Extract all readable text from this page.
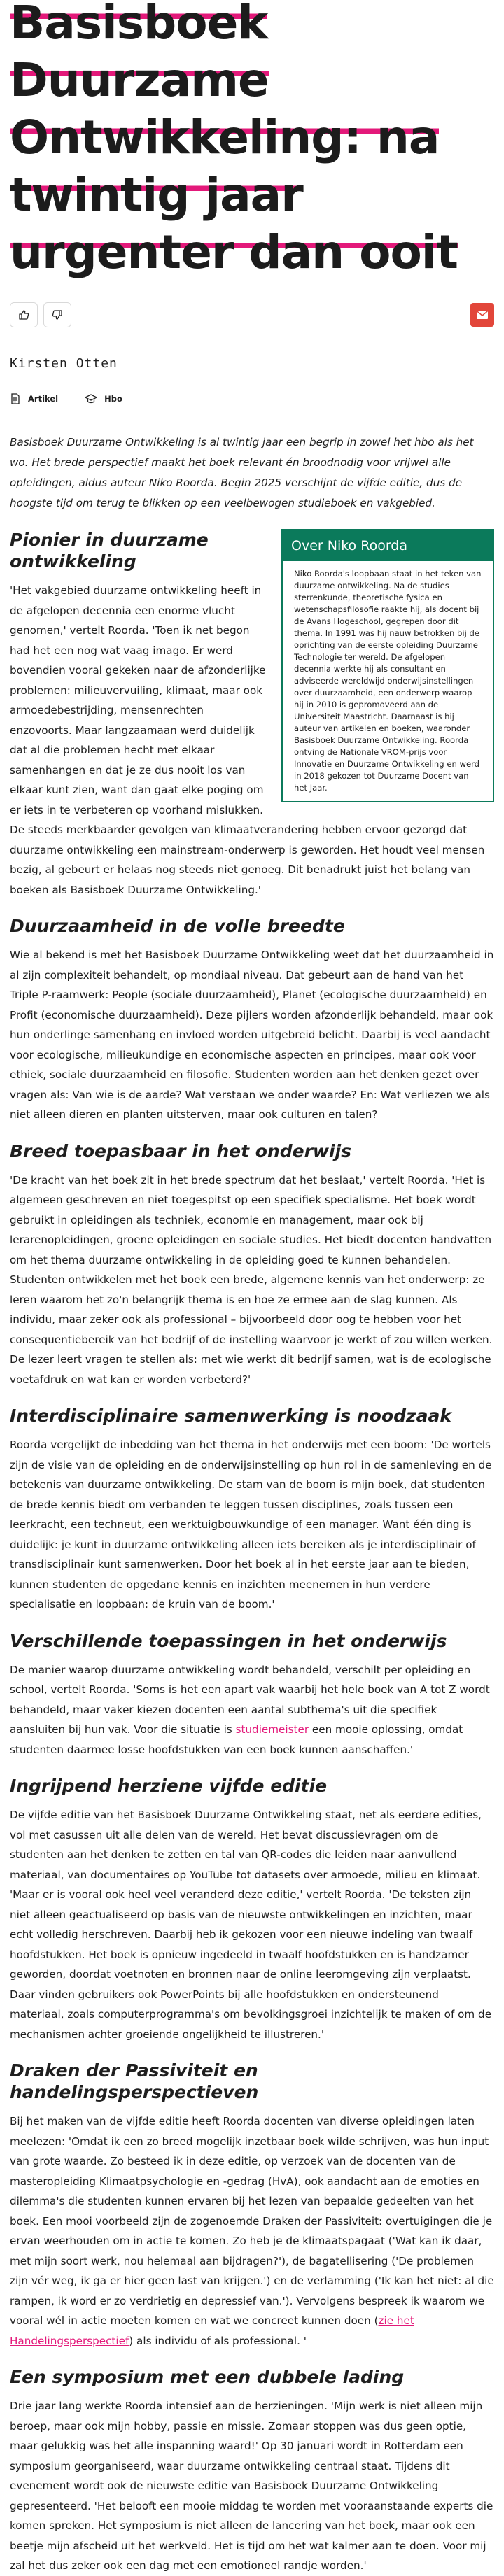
Basisboek Duurzame Ontwikkeling: na twintig jaar urgenter dan ooit
Kirsten Otten
Artikel	Hbo

Basisboek Duurzame Ontwikkeling is al twintig jaar een begrip in zowel het hbo als het wo. Het brede perspectief maakt het boek relevant én broodnodig voor vrijwel alle opleidingen, aldus auteur Niko Roorda. Begin 2025 verschijnt de vijfde editie, dus de hoogste tijd om terug te blikken op een veelbewogen studieboek en vakgebied.

Over Niko Roorda
Niko Roorda's loopbaan staat in het teken van duurzame ontwikkeling. Na de studies sterrenkunde, theoretische fysica en wetenschapsfilosofie raakte hij, als docent bij de Avans Hogeschool, gegrepen door dit thema. In 1991 was hij nauw betrokken bij de oprichting van de eerste opleiding Duurzame Technologie ter wereld. De afgelopen decennia werkte hij als consultant en adviseerde wereldwijd onderwijsinstellingen over duurzaamheid, een onderwerp waarop hij in 2010 is gepromoveerd aan de Universiteit Maastricht. Daarnaast is hij auteur van artikelen en boeken, waaronder Basisboek Duurzame Ontwikkeling. Roorda ontving de Nationale VROM-prijs voor Innovatie en Duurzame Ontwikkeling en werd in 2018 gekozen tot Duurzame Docent van het Jaar.
Pionier in duurzame ontwikkeling

'Het vakgebied duurzame ontwikkeling heeft in de afgelopen decennia een enorme vlucht genomen,' vertelt Roorda. 'Toen ik net begon had het een nog wat vaag imago. Er werd bovendien vooral gekeken naar de afzonderlijke problemen: milieuvervuiling, klimaat, maar ook armoedebestrijding, mensenrechten enzovoorts. Maar langzaamaan werd duidelijk dat al die problemen hecht met elkaar samenhangen en dat je ze dus nooit los van elkaar kunt zien, want dan gaat elke poging om er iets in te verbeteren op voorhand mislukken. De steeds merkbaarder gevolgen van klimaatverandering hebben ervoor gezorgd dat duurzame ontwikkeling een mainstream-onderwerp is geworden. Het houdt veel mensen bezig, al gebeurt er helaas nog steeds niet genoeg. Dit benadrukt juist het belang van boeken als Basisboek Duurzame Ontwikkeling.'

Duurzaamheid in de volle breedte

Wie al bekend is met het Basisboek Duurzame Ontwikkeling weet dat het duurzaamheid in al zijn complexiteit behandelt, op mondiaal niveau. Dat gebeurt aan de hand van het Triple P-raamwerk: People (sociale duurzaamheid), Planet (ecologische duurzaamheid) en Profit (economische duurzaamheid). Deze pijlers worden afzonderlijk behandeld, maar ook hun onderlinge samenhang en invloed worden uitgebreid belicht. Daarbij is veel aandacht voor ecologische, milieukundige en economische aspecten en principes, maar ook voor ethiek, sociale duurzaamheid en filosofie. Studenten worden aan het denken gezet over vragen als: Van wie is de aarde? Wat verstaan we onder waarde? En: Wat verliezen we als niet alleen dieren en planten uitsterven, maar ook culturen en talen?

Breed toepasbaar in het onderwijs

'De kracht van het boek zit in het brede spectrum dat het beslaat,' vertelt Roorda. 'Het is algemeen geschreven en niet toegespitst op een specifiek specialisme. Het boek wordt gebruikt in opleidingen als techniek, economie en management, maar ook bij lerarenopleidingen, groene opleidingen en sociale studies. Het biedt docenten handvatten om het thema duurzame ontwikkeling in de opleiding goed te kunnen behandelen. Studenten ontwikkelen met het boek een brede, algemene kennis van het onderwerp: ze leren waarom het zo'n belangrijk thema is en hoe ze ermee aan de slag kunnen. Als individu, maar zeker ook als professional – bijvoorbeeld door oog te hebben voor het consequentiebereik van het bedrijf of de instelling waarvoor je werkt of zou willen werken. De lezer leert vragen te stellen als: met wie werkt dit bedrijf samen, wat is de ecologische voetafdruk en wat kan er worden verbeterd?'

Interdisciplinaire samenwerking is noodzaak

Roorda vergelijkt de inbedding van het thema in het onderwijs met een boom: 'De wortels zijn de visie van de opleiding en de onderwijsinstelling op hun rol in de samenleving en de betekenis van duurzame ontwikkeling. De stam van de boom is mijn boek, dat studenten de brede kennis biedt om verbanden te leggen tussen disciplines, zoals tussen een leerkracht, een techneut, een werktuigbouwkundige of een manager. Want één ding is duidelijk: je kunt in duurzame ontwikkeling alleen iets bereiken als je interdisciplinair of transdisciplinair kunt samenwerken. Door het boek al in het eerste jaar aan te bieden, kunnen studenten de opgedane kennis en inzichten meenemen in hun verdere specialisatie en loopbaan: de kruin van de boom.'

Verschillende toepassingen in het onderwijs

De manier waarop duurzame ontwikkeling wordt behandeld, verschilt per opleiding en school, vertelt Roorda. 'Soms is het een apart vak waarbij het hele boek van A tot Z wordt behandeld, maar vaker kiezen docenten een aantal subthema's uit die specifiek aansluiten bij hun vak. Voor die situatie is studiemeister een mooie oplossing, omdat studenten daarmee losse hoofdstukken van een boek kunnen aanschaffen.'

Ingrijpend herziene vijfde editie

De vijfde editie van het Basisboek Duurzame Ontwikkeling staat, net als eerdere edities, vol met casussen uit alle delen van de wereld. Het bevat discussievragen om de studenten aan het denken te zetten en tal van QR-codes die leiden naar aanvullend materiaal, van documentaires op YouTube tot datasets over armoede, milieu en klimaat. 'Maar er is vooral ook heel veel veranderd deze editie,' vertelt Roorda. 'De teksten zijn niet alleen geactualiseerd op basis van de nieuwste ontwikkelingen en inzichten, maar echt volledig herschreven. Daarbij heb ik gekozen voor een nieuwe indeling van twaalf hoofdstukken. Het boek is opnieuw ingedeeld in twaalf hoofdstukken en is handzamer geworden, doordat voetnoten en bronnen naar de online leeromgeving zijn verplaatst. Daar vinden gebruikers ook PowerPoints bij alle hoofdstukken en ondersteunend materiaal, zoals computerprogramma's om bevolkingsgroei inzichtelijk te maken of om de mechanismen achter groeiende ongelijkheid te illustreren.'

Draken der Passiviteit en handelingsperspectieven

Bij het maken van de vijfde editie heeft Roorda docenten van diverse opleidingen laten meelezen: 'Omdat ik een zo breed mogelijk inzetbaar boek wilde schrijven, was hun input van grote waarde. Zo besteed ik in deze editie, op verzoek van de docenten van de masteropleiding Klimaatpsychologie en -gedrag (HvA), ook aandacht aan de emoties en dilemma's die studenten kunnen ervaren bij het lezen van bepaalde gedeelten van het boek. Een mooi voorbeeld zijn de zogenoemde Draken der Passiviteit: overtuigingen die je ervan weerhouden om in actie te komen. Zo heb je de klimaatspagaat ('Wat kan ik daar, met mijn soort werk, nou helemaal aan bijdragen?'), de bagatellisering ('De problemen zijn vér weg, ik ga er hier geen last van krijgen.') en de verlamming ('Ik kan het niet: al die rampen, ik word er zo verdrietig en depressief van.'). Vervolgens bespreek ik waarom we vooral wél in actie moeten komen en wat we concreet kunnen doen (zie het Handelingsperspectief) als individu of als professional. '

Een symposium met een dubbele lading

Drie jaar lang werkte Roorda intensief aan de herzieningen. 'Mijn werk is niet alleen mijn beroep, maar ook mijn hobby, passie en missie. Zomaar stoppen was dus geen optie, maar gelukkig was het alle inspanning waard!' Op 30 januari wordt in Rotterdam een symposium georganiseerd, waar duurzame ontwikkeling centraal staat. Tijdens dit evenement wordt ook de nieuwste editie van Basisboek Duurzame Ontwikkeling gepresenteerd. 'Het belooft een mooie middag te worden met vooraanstaande experts die komen spreken. Het symposium is niet alleen de lancering van het boek, maar ook een beetje mijn afscheid uit het werkveld. Het is tijd om het wat kalmer aan te doen. Voor mij zal het dus zeker ook een dag met een emotioneel randje worden.'
